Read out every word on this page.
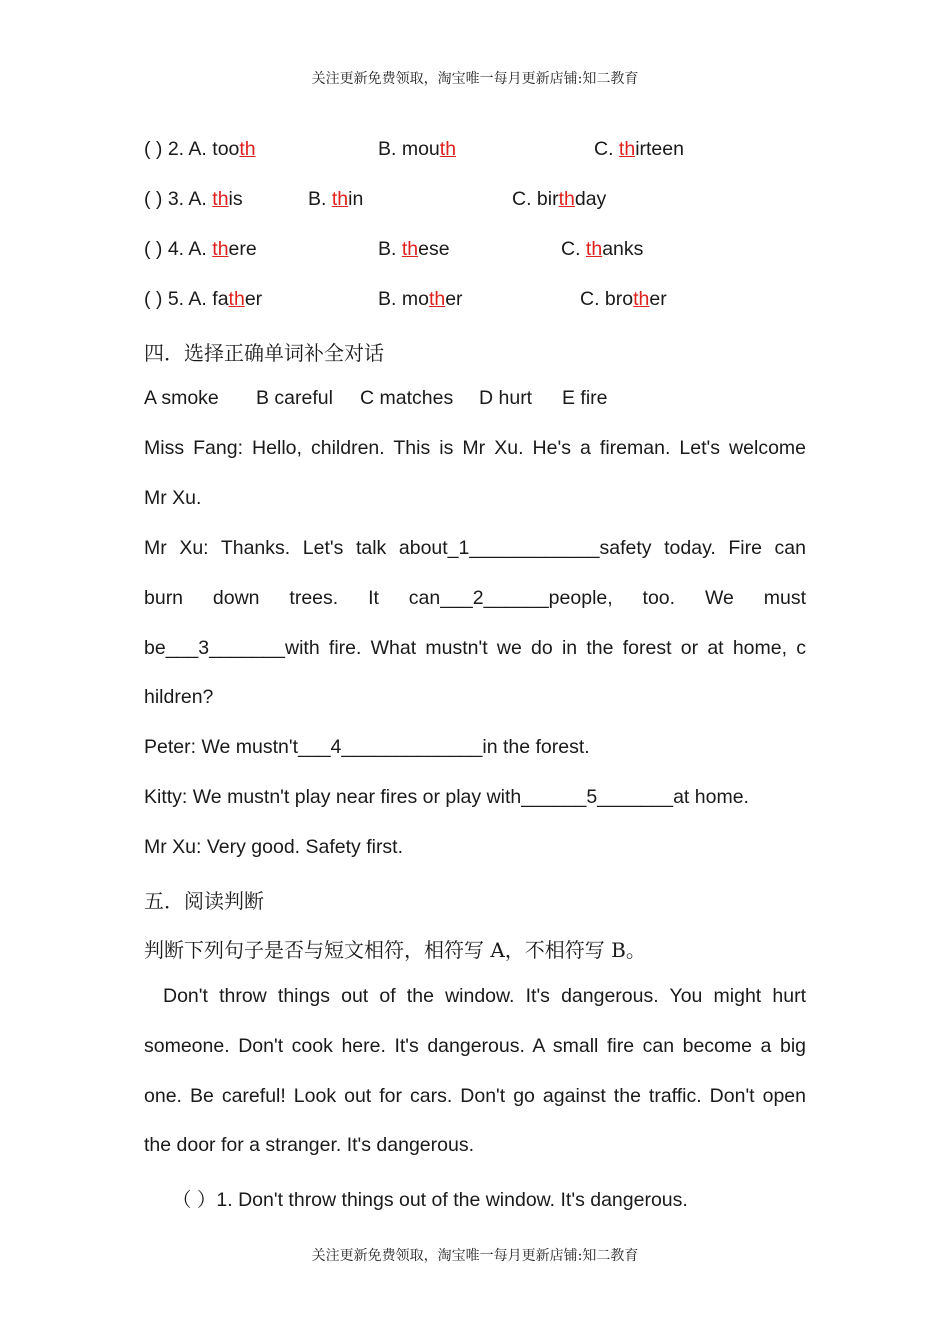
关注更新免费领取，淘宝唯一每月更新店铺:知二教育
( ) 2. A. tooth	B. mouth	C. thirteen
( ) 3. A. this	B. thin	C. birthday
( ) 4. A. there	B. these	C. thanks
( ) 5. A. father	B. mother	C. brother
四．选择正确单词补全对话
A smoke B careful C matches D hurt E fire
Miss Fang: Hello, children. This is Mr Xu. He's a fireman. Let's welcome
Mr Xu.
Mr Xu: Thanks. Let's talk about_1____________safety today. Fire can
burn down trees. It can___2______people, too. We must
be___3_______with fire. What mustn't we do in the forest or at home, c
hildren?
Peter: We mustn't___4_____________in the forest.
Kitty: We mustn't play near fires or play with______5_______at home.
Mr Xu: Very good. Safety first.
五．阅读判断
判断下列句子是否与短文相符，相符写 A，不相符写 B。
Don't throw things out of the window. It's dangerous. You might hurt
someone. Don't cook here. It's dangerous. A small fire can become a big
one. Be careful! Look out for cars. Don't go against the traffic. Don't open
the door for a stranger. It's dangerous.
（ ）1. Don't throw things out of the window. It's dangerous.
关注更新免费领取，淘宝唯一每月更新店铺:知二教育
